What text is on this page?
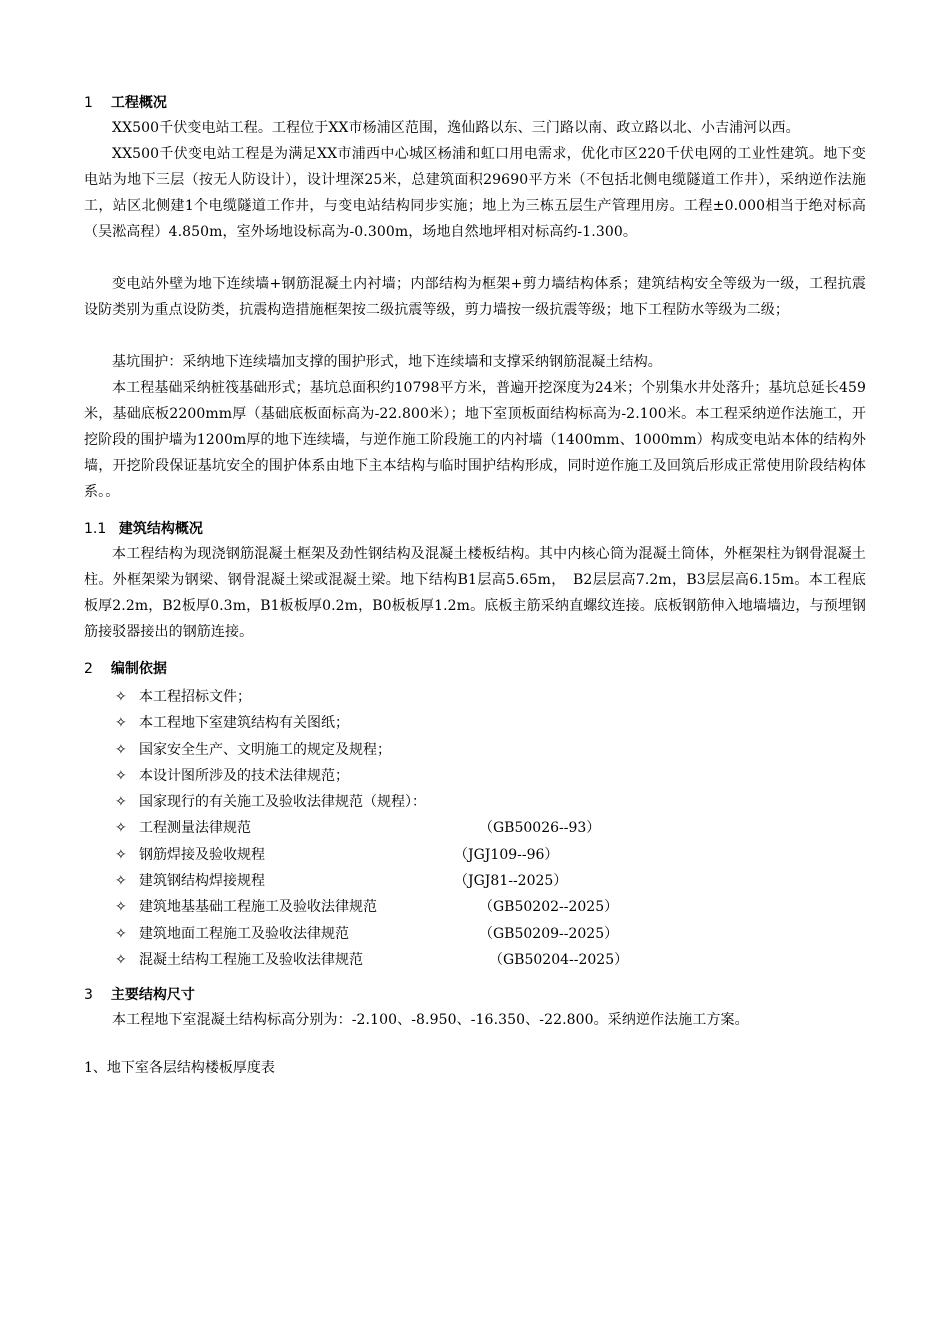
1 工程概况
XX500千伏变电站工程。工程位于XX市杨浦区范围，逸仙路以东、三门路以南、政立路以北、小吉浦河以西。
XX500千伏变电站工程是为满足XX市浦西中心城区杨浦和虹口用电需求，优化市区220千伏电网的工业性建筑。地下变电站为地下三层（按无人防设计），设计埋深25米，总建筑面积29690平方米（不包括北侧电缆隧道工作井），采纳逆作法施工，站区北侧建1个电缆隧道工作井，与变电站结构同步实施；地上为三栋五层生产管理用房。工程±0.000相当于绝对标高（吴淞高程）4.850m，室外场地设标高为-0.300m，场地自然地坪相对标高约-1.300。
变电站外壁为地下连续墙+钢筋混凝土内衬墙；内部结构为框架+剪力墙结构体系；建筑结构安全等级为一级，工程抗震设防类别为重点设防类，抗震构造措施框架按二级抗震等级，剪力墙按一级抗震等级；地下工程防水等级为二级；
基坑围护：采纳地下连续墙加支撑的围护形式，地下连续墙和支撑采纳钢筋混凝土结构。
本工程基础采纳桩筏基础形式；基坑总面积约10798平方米，普遍开挖深度为24米；个别集水井处落升；基坑总延长459米，基础底板2200mm厚（基础底板面标高为-22.800米）；地下室顶板面结构标高为-2.100米。本工程采纳逆作法施工，开挖阶段的围护墙为1200m厚的地下连续墙，与逆作施工阶段施工的内衬墙（1400mm、1000mm）构成变电站本体的结构外墙，开挖阶段保证基坑安全的围护体系由地下主本结构与临时围护结构形成，同时逆作施工及回筑后形成正常使用阶段结构体系。。
1.1 建筑结构概况
本工程结构为现浇钢筋混凝土框架及劲性钢结构及混凝土楼板结构。其中内核心筒为混凝土筒体，外框架柱为钢骨混凝土柱。外框架梁为钢梁、钢骨混凝土梁或混凝土梁。地下结构B1层高5.65m，　B2层层高7.2m，B3层层高6.15m。本工程底板厚2.2m，B2板厚0.3m，B1板板厚0.2m，B0板板厚1.2m。底板主筋采纳直螺纹连接。底板钢筋伸入地墙墙边，与预埋钢筋接驳器接出的钢筋连接。
2 编制依据
✧ 本工程招标文件；
✧ 本工程地下室建筑结构有关图纸；
✧ 国家安全生产、文明施工的规定及规程；
✧ 本设计图所涉及的技术法律规范；
✧ 国家现行的有关施工及验收法律规范（规程）：
✧ 工程测量法律规范	（GB50026--93）
✧ 钢筋焊接及验收规程	（JGJ109--96）
✧ 建筑钢结构焊接规程	（JGJ81--2025）
✧ 建筑地基基础工程施工及验收法律规范	（GB50202--2025）
✧ 建筑地面工程施工及验收法律规范	（GB50209--2025）
✧ 混凝土结构工程施工及验收法律规范	（GB50204--2025）
3 主要结构尺寸
本工程地下室混凝土结构标高分别为：-2.100、-8.950、-16.350、-22.800。采纳逆作法施工方案。
1、地下室各层结构楼板厚度表
